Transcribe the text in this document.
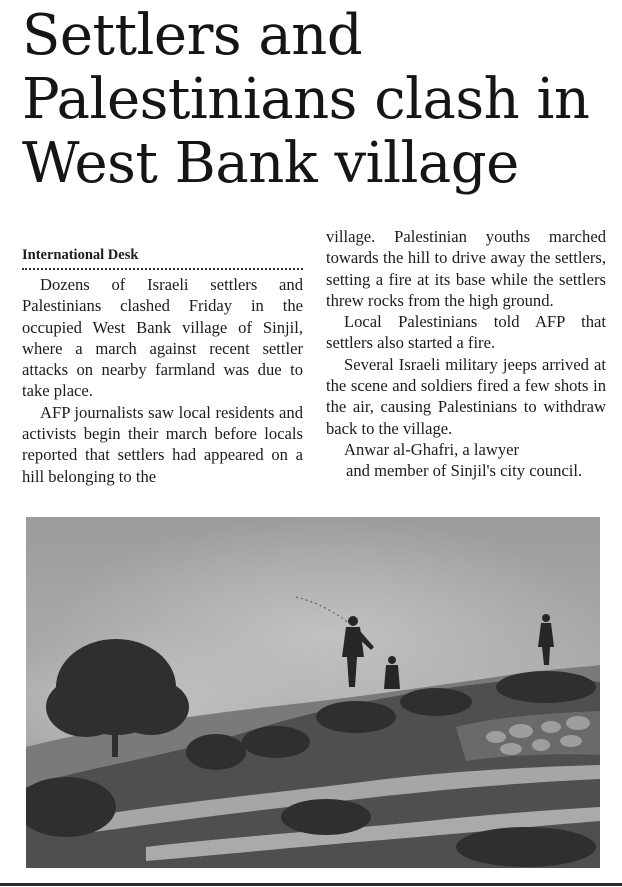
Settlers and Palestinians clash in West Bank village
International Desk

Dozens of Israeli settlers and Palestinians clashed Friday in the occupied West Bank village of Sinjil, where a march against recent settler attacks on nearby farmland was due to take place.

AFP journalists saw local residents and activists begin their march before locals reported that settlers had appeared on a hill belonging to the

village. Palestinian youths marched towards the hill to drive away the settlers, setting a fire at its base while the settlers threw rocks from the high ground.

Local Palestinians told AFP that settlers also started a fire.

Several Israeli military jeeps arrived at the scene and soldiers fired a few shots in the air, causing Palestinians to withdraw back to the village.

Anwar al-Ghafri, a lawyer

and member of Sinjil's city council.
